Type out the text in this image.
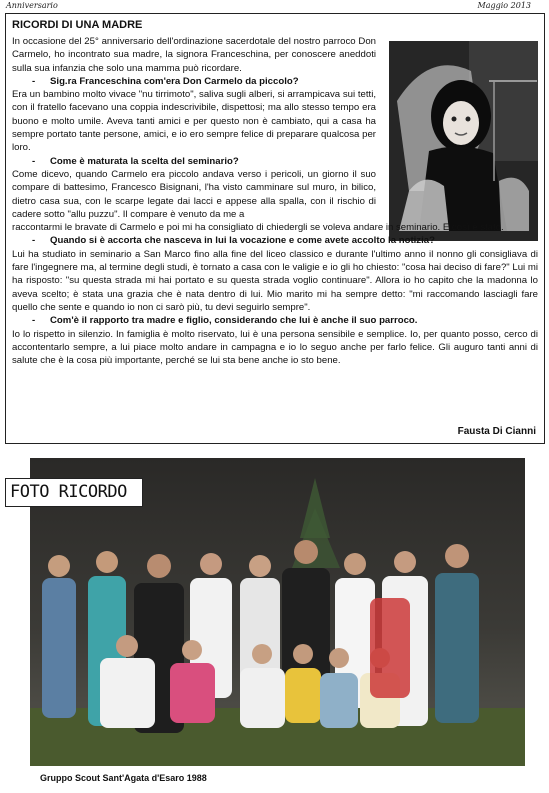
Anniversario	Maggio 2013
RICORDI DI UNA MADRE

In occasione del 25° anniversario dell'ordinazione sacerdotale del nostro parroco Don Carmelo, ho incontrato sua madre, la signora Franceschina, per conoscere aneddoti sulla sua infanzia che solo una mamma può ricordare.

- Sig.ra Franceschina com'era Don Carmelo da piccolo?

Era un bambino molto vivace "nu tirrimoto", saliva sugli alberi, si arrampicava sui tetti, con il fratello facevano una coppia indescrivibile, dispettosi; ma allo stesso tempo era buono e molto umile. Aveva tanti amici e per questo non è cambiato, qui a casa ha sempre portato tante persone, amici, e io ero sempre felice di preparare qualcosa per loro.

- Come è maturata la scelta del seminario?

Come dicevo, quando Carmelo era piccolo andava verso i pericoli, un giorno il suo compare di battesimo, Francesco Bisignani, l'ha visto camminare sul muro, in bilico, dietro casa sua, con le scarpe legate dai lacci e appese alla spalla, con il rischio di cadere sotto "allu puzzu". Il compare è venuto da me a

raccontarmi le bravate di Carmelo e poi mi ha consigliato di chiedergli se voleva andare in seminario. E così è stato.

- Quando si è accorta che nasceva in lui la vocazione e come avete accolto la notizia?

Lui ha studiato in seminario a San Marco fino alla fine del liceo classico e durante l'ultimo anno il nonno gli consigliava di fare l'ingegnere ma, al termine degli studi, è tornato a casa con le valigie e io gli ho chiesto: "cosa hai deciso di fare?" Lui mi ha risposto: "su questa strada mi hai portato e su questa strada voglio continuare". Allora io ho capito che la madonna lo aveva scelto; è stata una grazia che è nata dentro di lui. Mio marito mi ha sempre detto: "mi raccomando lasciagli fare quello che sente e quando io non ci sarò più, tu devi seguirlo sempre".

- Com'è il rapporto tra madre e figlio, considerando che lui è anche il suo parroco.

Io lo rispetto in silenzio. In famiglia è molto riservato, lui è una persona sensibile e semplice. Io, per quanto posso, cerco di accontentarlo sempre, a lui piace molto andare in campagna e io lo seguo anche per farlo felice. Gli auguro tanti anni di salute che è la cosa più importante, perché se lui sta bene anche io sto bene.

Fausta Di Cianni
FOTO RICORDO
Gruppo Scout Sant'Agata d'Esaro 1988
